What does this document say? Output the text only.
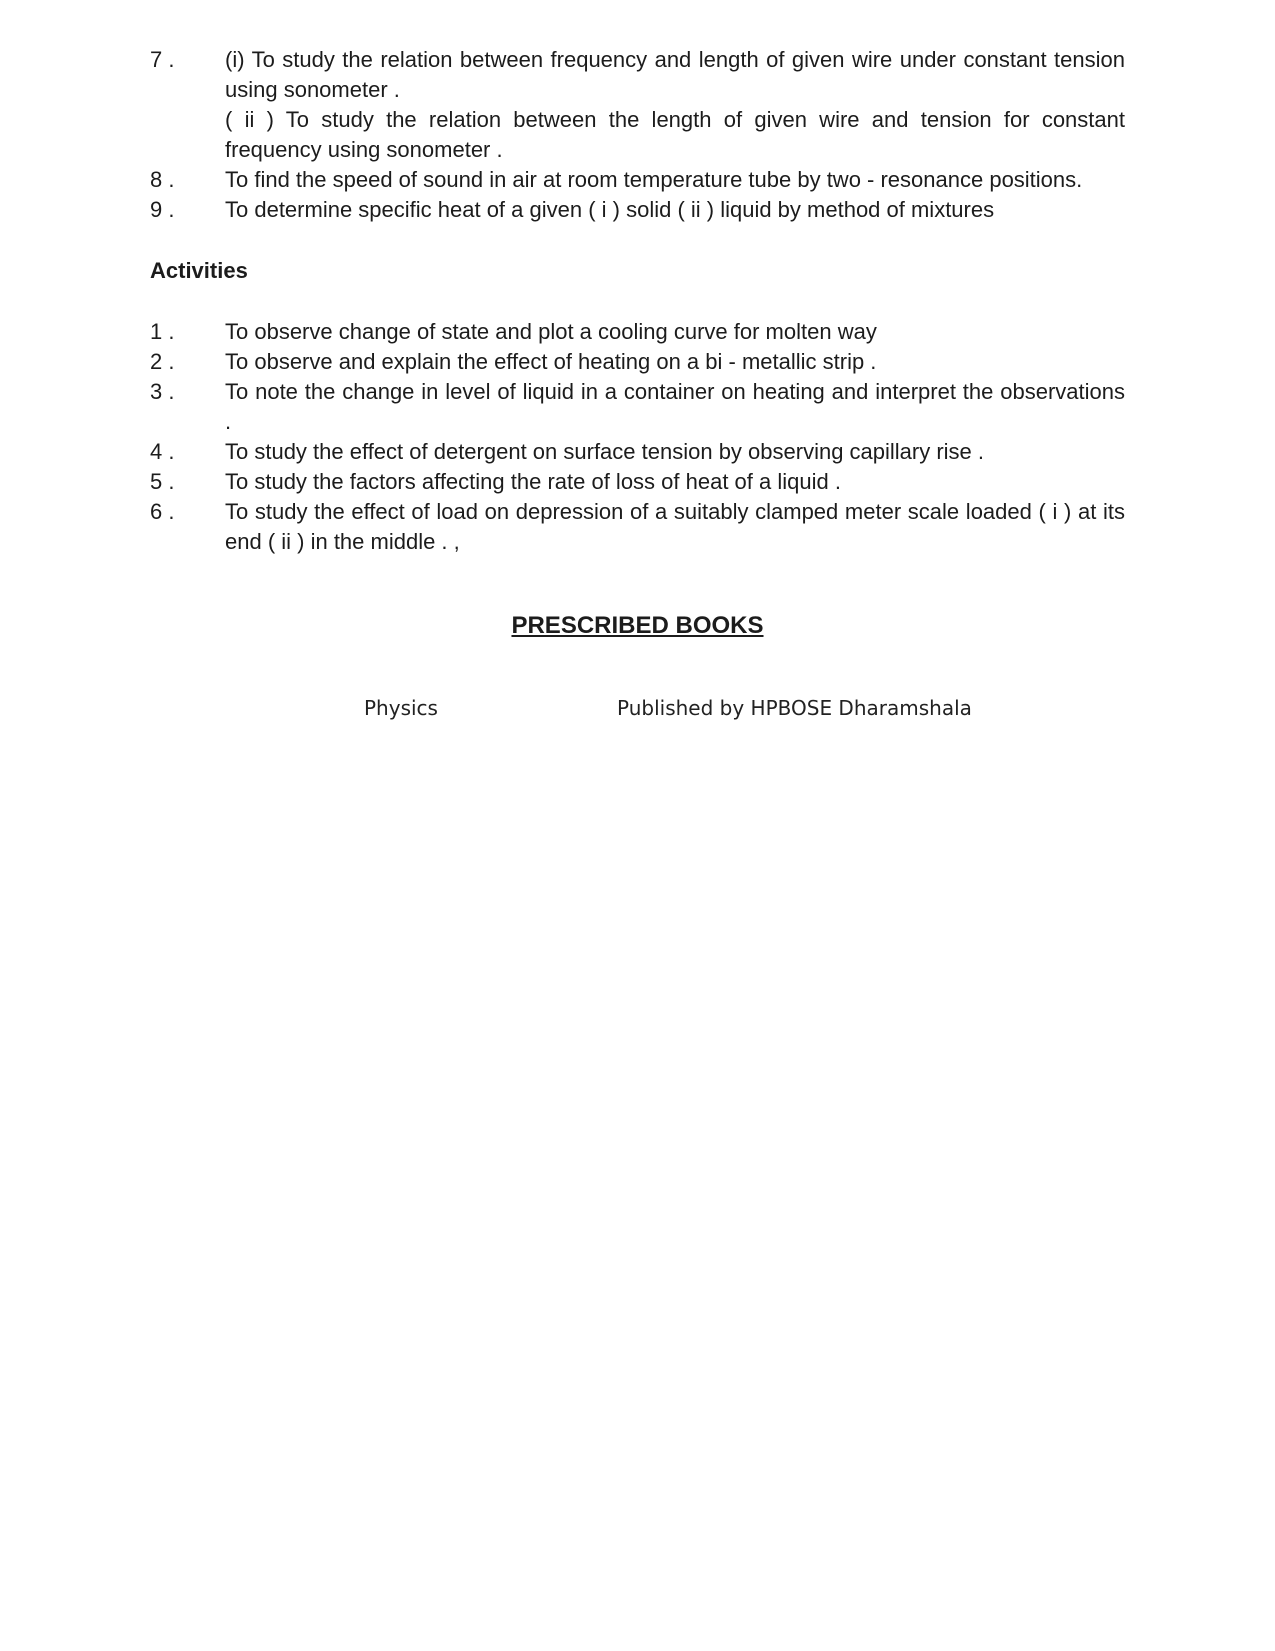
7 .	(i) To study the relation between frequency and length of given wire under constant tension using sonometer .

( ii ) To study the relation between the length of given wire and tension for constant frequency using sonometer .

8 .	To find the speed of sound in air at room temperature tube by two - resonance positions.

9 .	To determine specific heat of a given ( i ) solid ( ii ) liquid by method of mixtures

Activities
1 .	To observe change of state and plot a cooling curve for molten way

2 .	To observe and explain the effect of heating on a bi - metallic strip .

3 .	To note the change in level of liquid in a container on heating and interpret the observations .

4 .	To study the effect of detergent on surface tension by observing capillary rise .

5 .	To study the factors affecting the rate of loss of heat of a liquid .

6 .	To study the effect of load on depression of a suitably clamped meter scale loaded ( i ) at its end ( ii ) in the middle . ,

PRESCRIBED BOOKS
Physics	Published by HPBOSE Dharamshala
